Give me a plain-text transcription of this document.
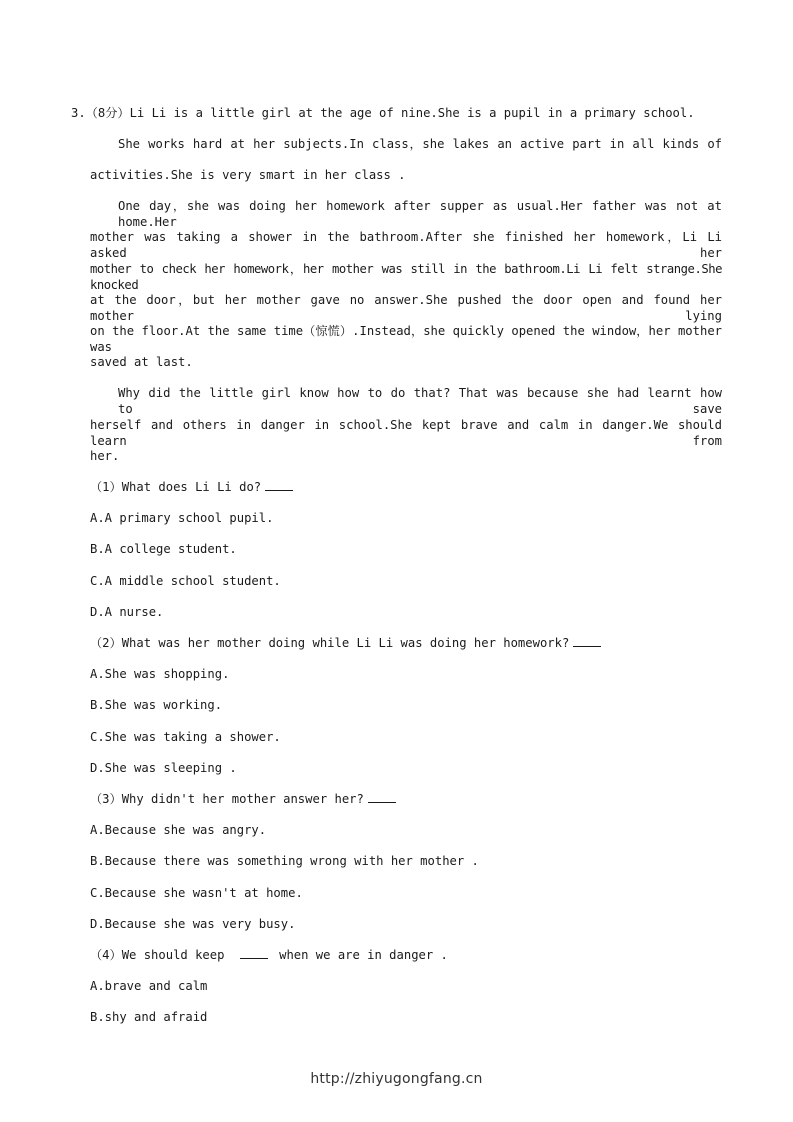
3.（8分）Li Li is a little girl at the age of nine.She is a pupil in a primary school.
She works hard at her subjects.In class，she lakes an active part in all kinds of
activities.She is very smart in her class .
One day，she was doing her homework after supper as usual.Her father was not at home.Her
mother was taking a shower in the bathroom.After she finished her homework，Li Li asked her
mother to check her homework，her mother was still in the bathroom.Li Li felt strange.She knocked
at the door，but her mother gave no answer.She pushed the door open and found her mother lying
on the floor.At the same time（惊慌）.Instead，she quickly opened the window，her mother was
saved at last.
Why did the little girl know how to do that? That was because she had learnt how to save
herself and others in danger in school.She kept brave and calm in danger.We should learn from
her.
（1）What does Li Li do?
A.A primary school pupil.
B.A college student.
C.A middle school student.
D.A nurse.
（2）What was her mother doing while Li Li was doing her homework?
A.She was shopping.
B.She was working.
C.She was taking a shower.
D.She was sleeping .
（3）Why didn't her mother answer her?
A.Because she was angry.
B.Because there was something wrong with her mother .
C.Because she wasn't at home.
D.Because she was very busy.
（4）We should keep	when we are in danger .
A.brave and calm
B.shy and afraid
http://zhiyugongfang.cn
